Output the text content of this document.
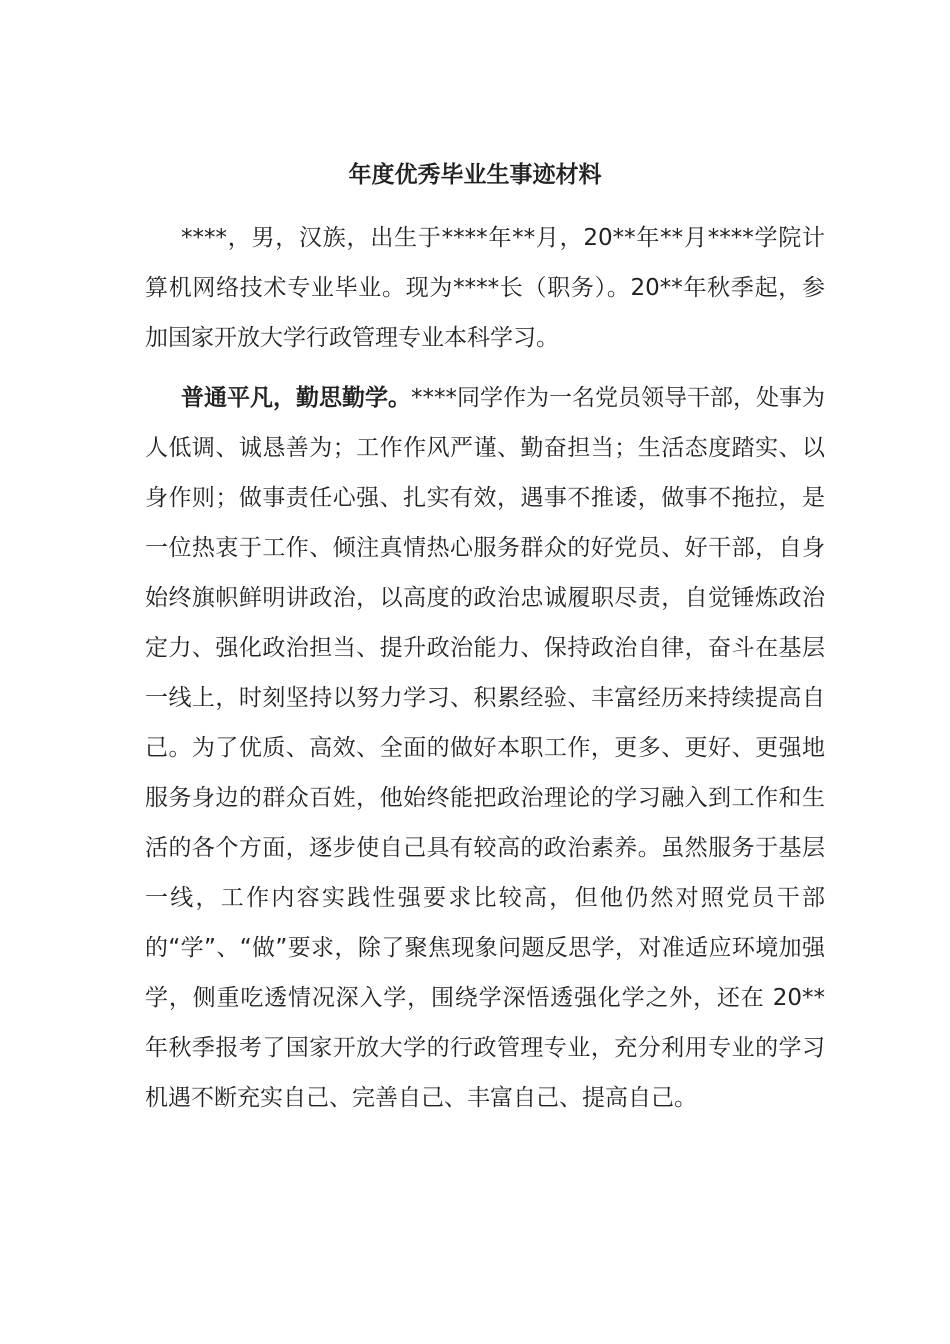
年度优秀毕业生事迹材料

****，男，汉族，出生于****年**月，20**年**月****学院计算机网络技术专业毕业。现为****长（职务）。20**年秋季起，参加国家开放大学行政管理专业本科学习。

普通平凡，勤思勤学。****同学作为一名党员领导干部，处事为人低调、诚恳善为；工作作风严谨、勤奋担当；生活态度踏实、以身作则；做事责任心强、扎实有效，遇事不推诿，做事不拖拉，是一位热衷于工作、倾注真情热心服务群众的好党员、好干部，自身始终旗帜鲜明讲政治，以高度的政治忠诚履职尽责，自觉锤炼政治定力、强化政治担当、提升政治能力、保持政治自律，奋斗在基层一线上，时刻坚持以努力学习、积累经验、丰富经历来持续提高自己。为了优质、高效、全面的做好本职工作，更多、更好、更强地服务身边的群众百姓，他始终能把政治理论的学习融入到工作和生活的各个方面，逐步使自己具有较高的政治素养。虽然服务于基层一线，工作内容实践性强要求比较高，但他仍然对照党员干部的“学”、“做”要求，除了聚焦现象问题反思学，对准适应环境加强学，侧重吃透情况深入学，围绕学深悟透强化学之外，还在 20**年秋季报考了国家开放大学的行政管理专业，充分利用专业的学习机遇不断充实自己、完善自己、丰富自己、提高自己。
